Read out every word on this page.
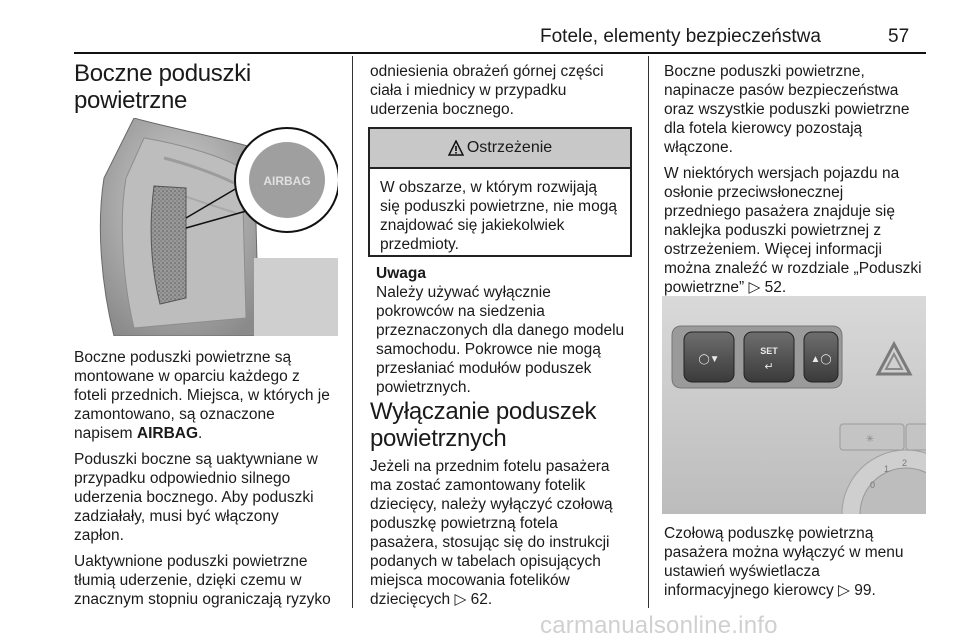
Fotele, elementy bezpieczeństwa	57
Boczne poduszki
powietrzne
AIRBAG

Boczne poduszki powietrzne są
montowane w oparciu każdego z
foteli przednich. Miejsca, w których je
zamontowano, są oznaczone
napisem AIRBAG.

Poduszki boczne są uaktywniane w
przypadku odpowiednio silnego
uderzenia bocznego. Aby poduszki
zadziałały, musi być włączony
zapłon.

Uaktywnione poduszki powietrzne
tłumią uderzenie, dzięki czemu w
znacznym stopniu ograniczają ryzyko

odniesienia obrażeń górnej części
ciała i miednicy w przypadku
uderzenia bocznego.

Ostrzeżenie
W obszarze, w którym rozwijają
się poduszki powietrzne, nie mogą
znajdować się jakiekolwiek
przedmioty.
Uwaga

Należy używać wyłącznie
pokrowców na siedzenia
przeznaczonych dla danego modelu
samochodu. Pokrowce nie mogą
przesłaniać modułów poduszek
powietrznych.

Wyłączanie poduszek
powietrznych

Jeżeli na przednim fotelu pasażera
ma zostać zamontowany fotelik
dziecięcy, należy wyłączyć czołową
poduszkę powietrzną fotela
pasażera, stosując się do instrukcji
podanych w tabelach opisujących
miejsca mocowania fotelików
dziecięcych ▷ 62.

Boczne poduszki powietrzne,
napinacze pasów bezpieczeństwa
oraz wszystkie poduszki powietrzne
dla fotela kierowcy pozostają
włączone.

W niektórych wersjach pojazdu na
osłonie przeciwsłonecznej
przedniego pasażera znajduje się
naklejka poduszki powietrznej z
ostrzeżeniem. Więcej informacji
można znaleźć w rozdziale „Poduszki
powietrzne” ▷ 52.

◯▼
SET
↵
▲◯
✳
1
2
0

Czołową poduszkę powietrzną
pasażera można wyłączyć w menu
ustawień wyświetlacza
informacyjnego kierowcy ▷ 99.

carmanualsonline.info
